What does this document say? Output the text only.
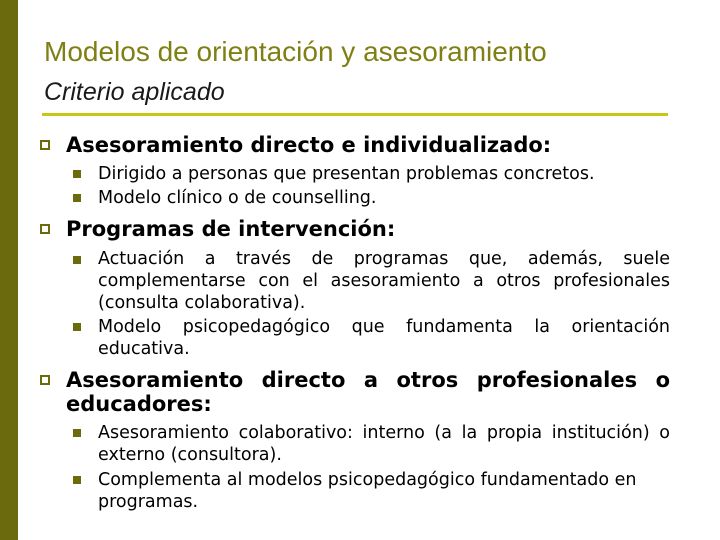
Modelos de orientación y asesoramiento
Criterio aplicado
Asesoramiento directo e individualizado:
Dirigido a personas que presentan problemas concretos.
Modelo clínico o de counselling.
Programas de intervención:
Actuación a través de programas que, además, suele complementarse con el asesoramiento a otros profesionales (consulta colaborativa).
Modelo psicopedagógico que fundamenta la orientación educativa.
Asesoramiento directo a otros profesionales o educadores:
Asesoramiento colaborativo: interno (a la propia institución) o externo (consultora).
Complementa al modelos psicopedagógico fundamentado en programas.
